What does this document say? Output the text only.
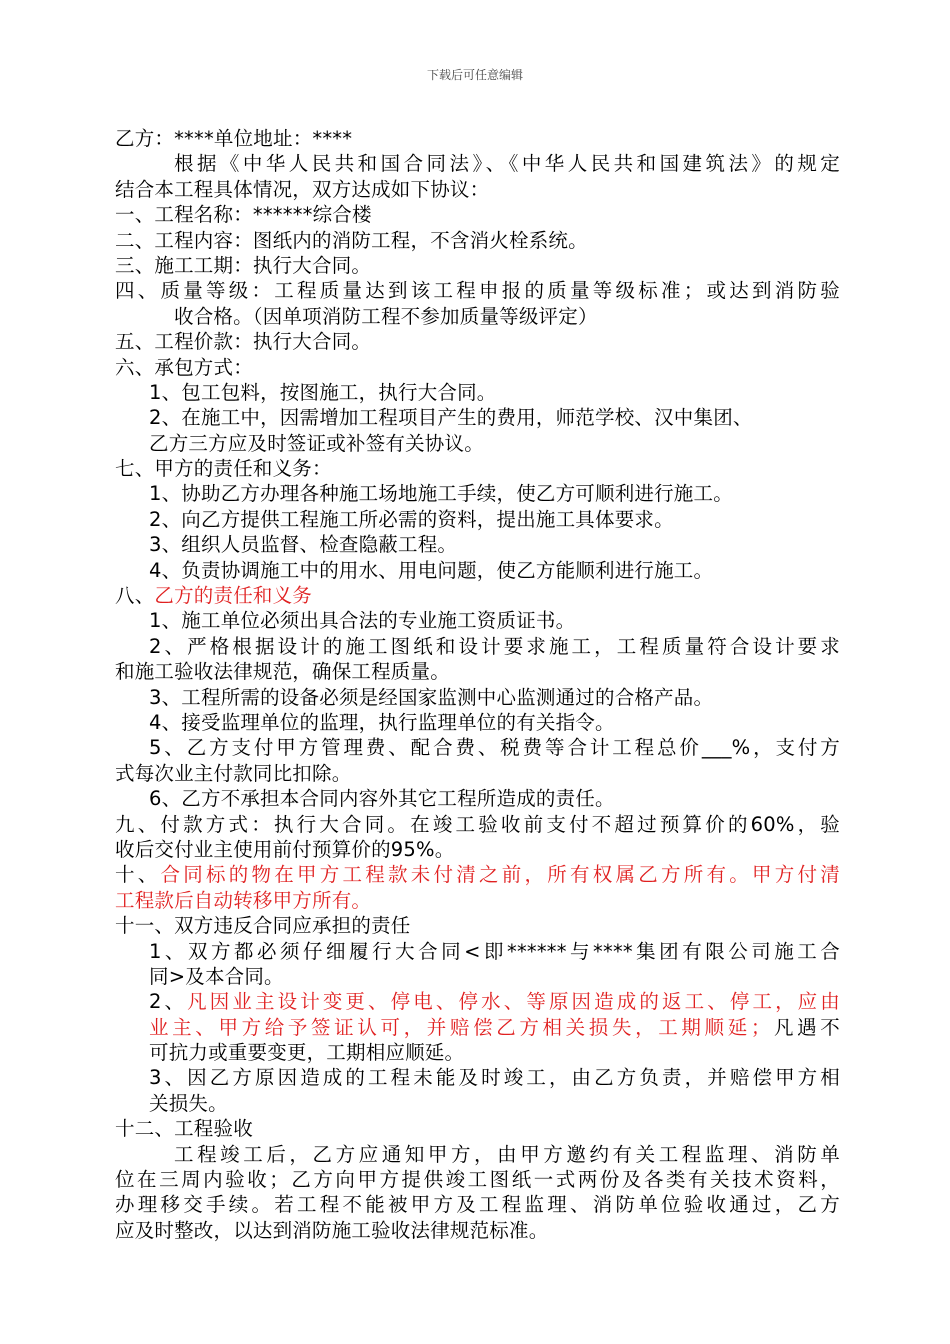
下载后可任意编辑
乙方：****单位地址：****
根据《中华人民共和国合同法》、《中华人民共和国建筑法》的规定
结合本工程具体情况，双方达成如下协议：
一、工程名称：******综合楼
二、工程内容：图纸内的消防工程，不含消火栓系统。
三、施工工期：执行大合同。
四、质量等级：工程质量达到该工程申报的质量等级标准；或达到消防验
收合格。（因单项消防工程不参加质量等级评定）
五、工程价款：执行大合同。
六、承包方式：
1、包工包料，按图施工，执行大合同。
2、在施工中，因需增加工程项目产生的费用，师范学校、汉中集团、
乙方三方应及时签证或补签有关协议。
七、甲方的责任和义务：
1、协助乙方办理各种施工场地施工手续，使乙方可顺利进行施工。
2、向乙方提供工程施工所必需的资料，提出施工具体要求。
3、组织人员监督、检查隐蔽工程。
4、负责协调施工中的用水、用电问题，使乙方能顺利进行施工。
八、乙方的责任和义务
1、施工单位必须出具合法的专业施工资质证书。
2、严格根据设计的施工图纸和设计要求施工，工程质量符合设计要求
和施工验收法律规范，确保工程质量。
3、工程所需的设备必须是经国家监测中心监测通过的合格产品。
4、接受监理单位的监理，执行监理单位的有关指令。
5、乙方支付甲方管理费、配合费、税费等合计工程总价___%，支付方
式每次业主付款同比扣除。
6、乙方不承担本合同内容外其它工程所造成的责任。
九、付款方式：执行大合同。在竣工验收前支付不超过预算价的60%，验
收后交付业主使用前付预算价的95%。
十、合同标的物在甲方工程款未付清之前，所有权属乙方所有。甲方付清
工程款后自动转移甲方所有。
十一、双方违反合同应承担的责任
1、双方都必须仔细履行大合同<即******与****集团有限公司施工合
同>及本合同。
2、凡因业主设计变更、停电、停水、等原因造成的返工、停工，应由
业主、甲方给予签证认可，并赔偿乙方相关损失，工期顺延；凡遇不
可抗力或重要变更，工期相应顺延。
3、因乙方原因造成的工程未能及时竣工，由乙方负责，并赔偿甲方相
关损失。
十二、工程验收
工程竣工后，乙方应通知甲方，由甲方邀约有关工程监理、消防单
位在三周内验收；乙方向甲方提供竣工图纸一式两份及各类有关技术资料，
办理移交手续。若工程不能被甲方及工程监理、消防单位验收通过，乙方
应及时整改，以达到消防施工验收法律规范标准。
